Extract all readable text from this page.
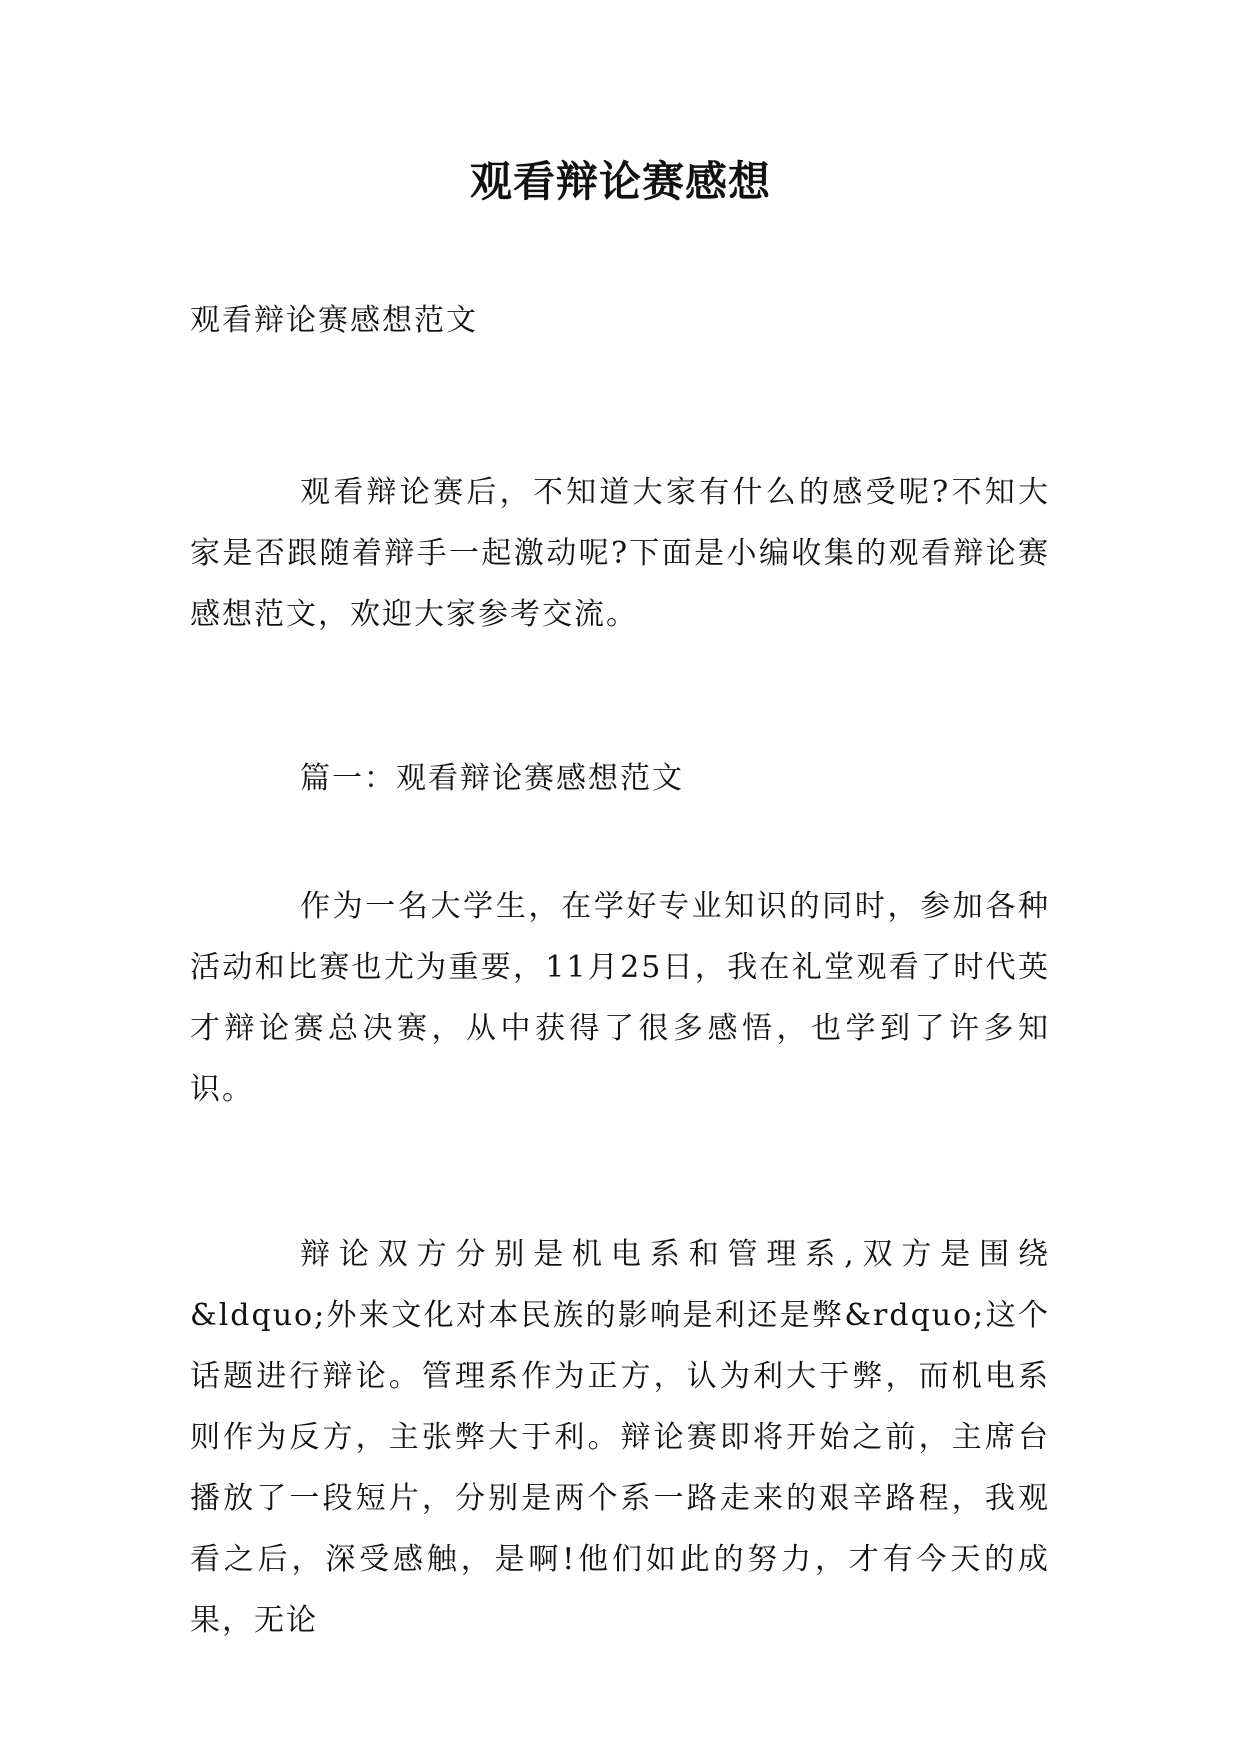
观看辩论赛感想

观看辩论赛感想范文

观看辩论赛后，不知道大家有什么的感受呢?不知大家是否跟随着辩手一起激动呢?下面是小编收集的观看辩论赛感想范文，欢迎大家参考交流。

篇一：观看辩论赛感想范文

作为一名大学生，在学好专业知识的同时，参加各种活动和比赛也尤为重要，11月25日，我在礼堂观看了时代英才辩论赛总决赛，从中获得了很多感悟，也学到了许多知识。

辩论双方分别是机电系和管理系,双方是围绕&ldquo;外来文化对本民族的影响是利还是弊&rdquo;这个话题进行辩论。管理系作为正方，认为利大于弊，而机电系则作为反方，主张弊大于利。辩论赛即将开始之前，主席台播放了一段短片，分别是两个系一路走来的艰辛路程，我观看之后，深受感触，是啊!他们如此的努力，才有今天的成果，无论
